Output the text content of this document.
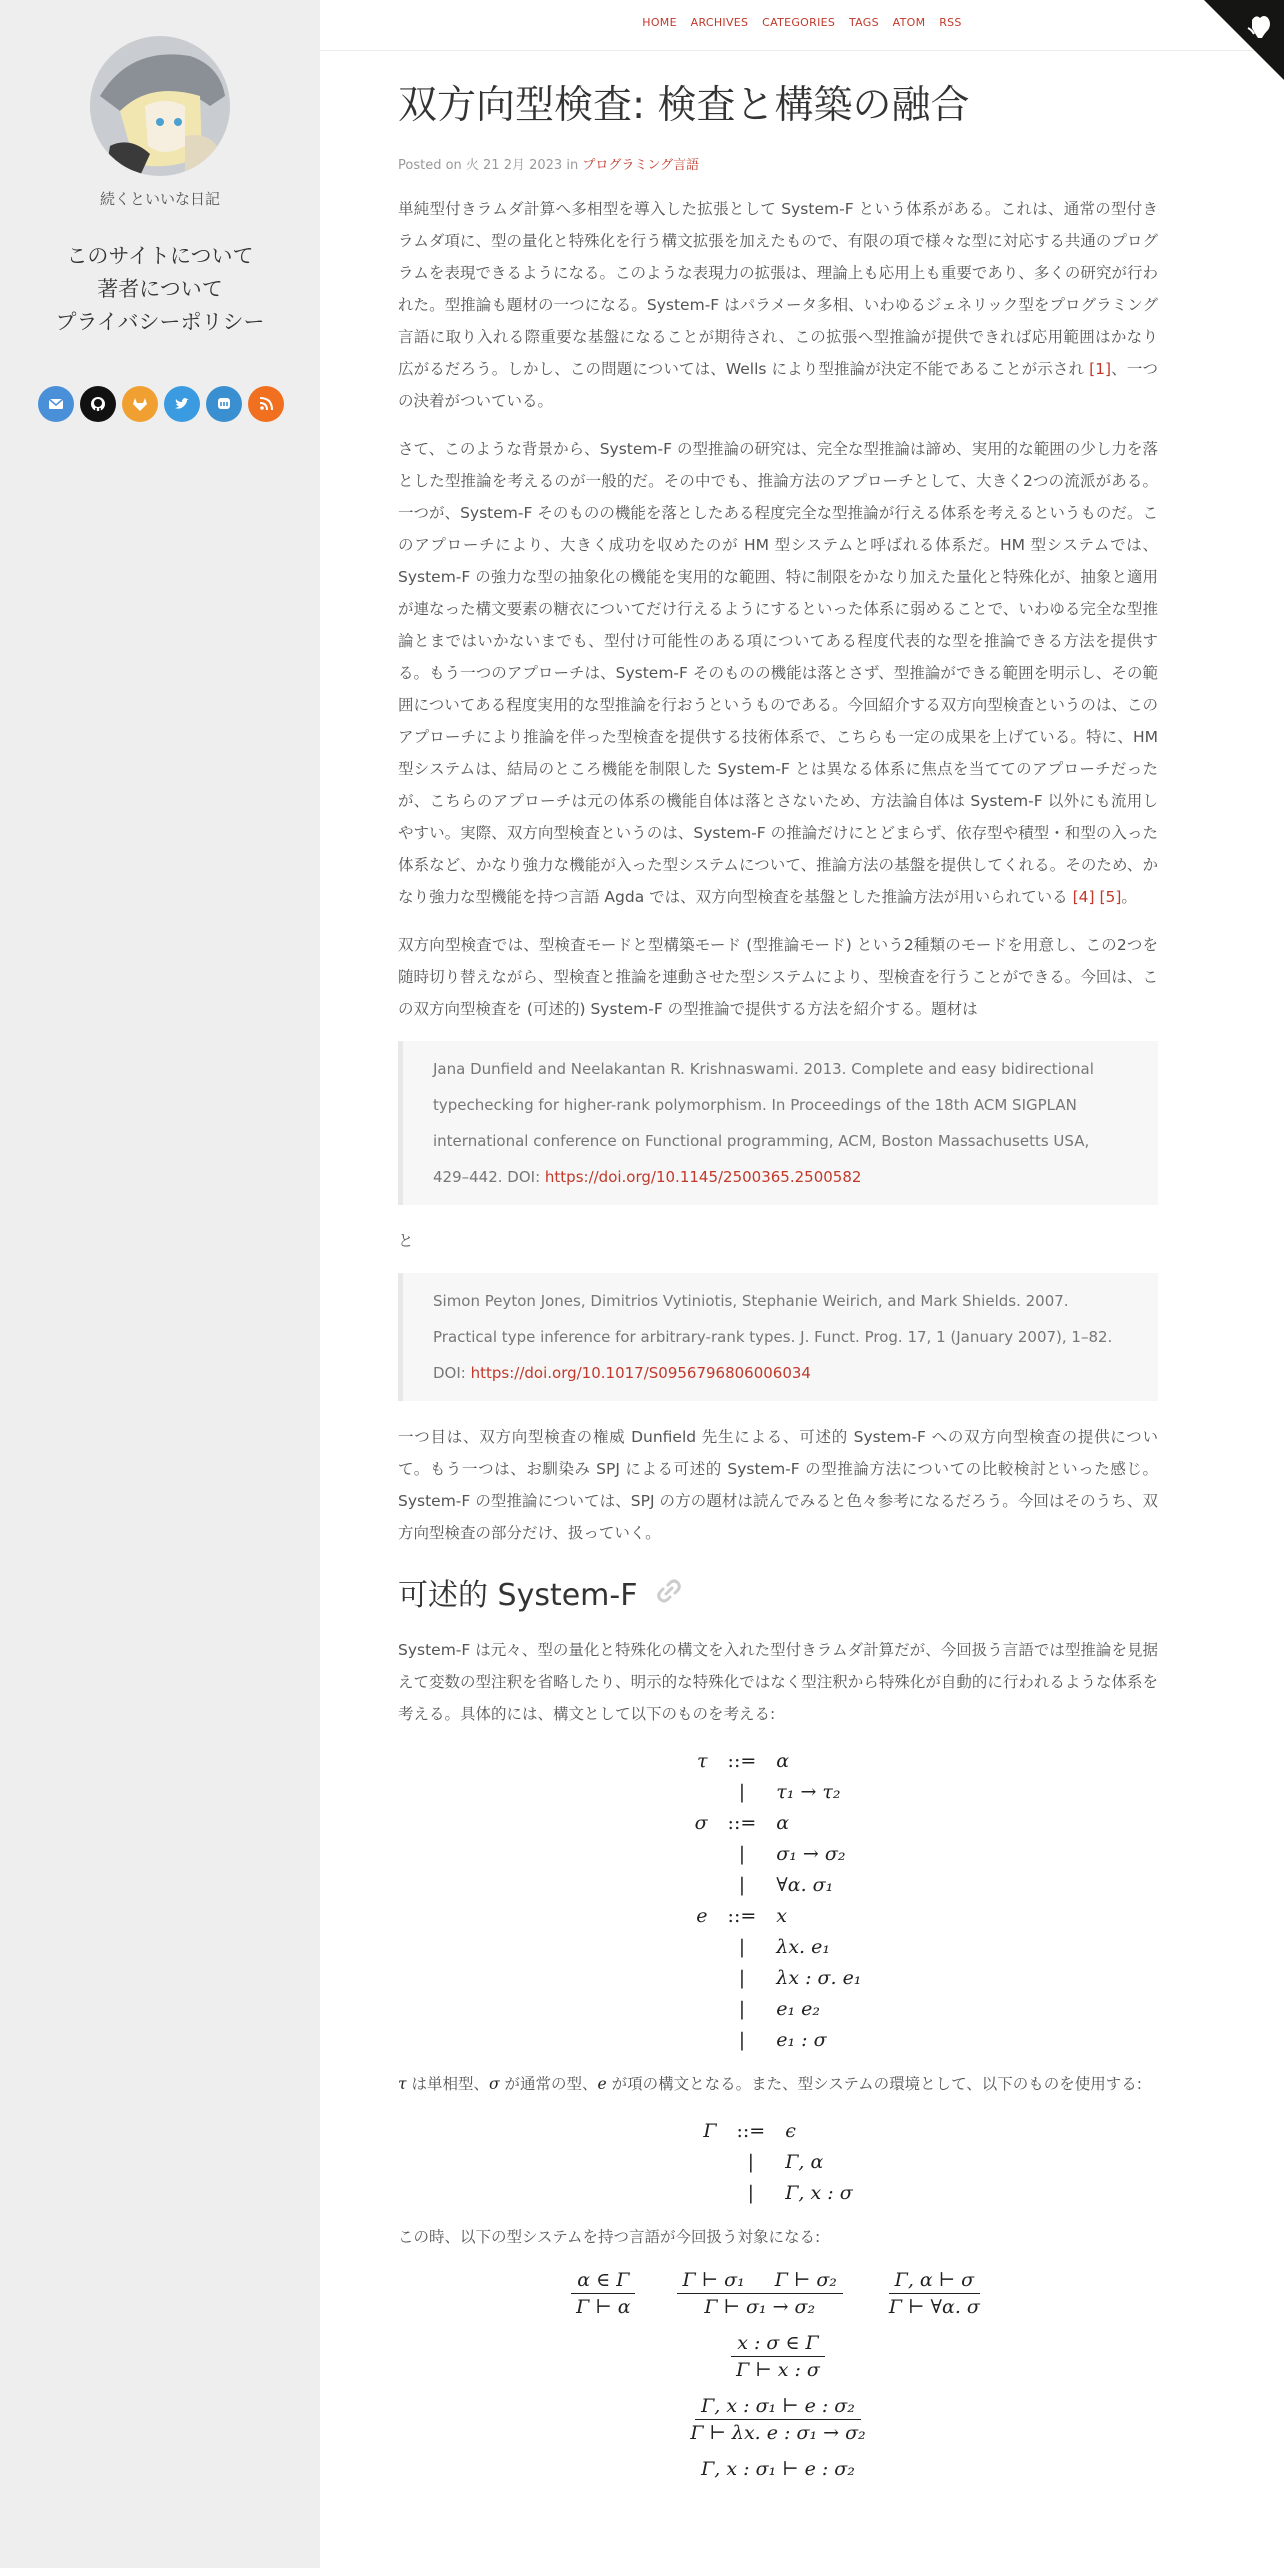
続くといいな日記
このサイトについて
著者について
プライバシーポリシー
HOME ARCHIVES CATEGORIES TAGS ATOM RSS
双方向型検査: 検査と構築の融合
Posted on 火 21 2月 2023 in プログラミング言語

単純型付きラムダ計算へ多相型を導入した拡張として System-F という体系がある。これは、通常の型付きラムダ項に、型の量化と特殊化を行う構文拡張を加えたもので、有限の項で様々な型に対応する共通のプログラムを表現できるようになる。このような表現力の拡張は、理論上も応用上も重要であり、多くの研究が行われた。型推論も題材の一つになる。System-F はパラメータ多相、いわゆるジェネリック型をプログラミング言語に取り入れる際重要な基盤になることが期待され、この拡張へ型推論が提供できれば応用範囲はかなり広がるだろう。しかし、この問題については、Wells により型推論が決定不能であることが示され [1]、一つの決着がついている。

さて、このような背景から、System-F の型推論の研究は、完全な型推論は諦め、実用的な範囲の少し力を落とした型推論を考えるのが一般的だ。その中でも、推論方法のアプローチとして、大きく2つの流派がある。一つが、System-F そのものの機能を落としたある程度完全な型推論が行える体系を考えるというものだ。このアプローチにより、大きく成功を収めたのが HM 型システムと呼ばれる体系だ。HM 型システムでは、System-F の強力な型の抽象化の機能を実用的な範囲、特に制限をかなり加えた量化と特殊化が、抽象と適用が連なった構文要素の糖衣についてだけ行えるようにするといった体系に弱めることで、いわゆる完全な型推論とまではいかないまでも、型付け可能性のある項についてある程度代表的な型を推論できる方法を提供する。もう一つのアプローチは、System-F そのものの機能は落とさず、型推論ができる範囲を明示し、その範囲についてある程度実用的な型推論を行おうというものである。今回紹介する双方向型検査というのは、このアプローチにより推論を伴った型検査を提供する技術体系で、こちらも一定の成果を上げている。特に、HM 型システムは、結局のところ機能を制限した System-F とは異なる体系に焦点を当ててのアプローチだったが、こちらのアプローチは元の体系の機能自体は落とさないため、方法論自体は System-F 以外にも流用しやすい。実際、双方向型検査というのは、System-F の推論だけにとどまらず、依存型や積型・和型の入った体系など、かなり強力な機能が入った型システムについて、推論方法の基盤を提供してくれる。そのため、かなり強力な型機能を持つ言語 Agda では、双方向型検査を基盤とした推論方法が用いられている [4] [5]。

双方向型検査では、型検査モードと型構築モード (型推論モード) という2種類のモードを用意し、この2つを随時切り替えながら、型検査と推論を連動させた型システムにより、型検査を行うことができる。今回は、この双方向型検査を (可述的) System-F の型推論で提供する方法を紹介する。題材は

Jana Dunfield and Neelakantan R. Krishnaswami. 2013. Complete and easy bidirectional typechecking for higher-rank polymorphism. In Proceedings of the 18th ACM SIGPLAN international conference on Functional programming, ACM, Boston Massachusetts USA, 429–442. DOI: https://doi.org/10.1145/2500365.2500582

と

Simon Peyton Jones, Dimitrios Vytiniotis, Stephanie Weirich, and Mark Shields. 2007. Practical type inference for arbitrary-rank types. J. Funct. Prog. 17, 1 (January 2007), 1–82. DOI: https://doi.org/10.1017/S0956796806006034

一つ目は、双方向型検査の権威 Dunfield 先生による、可述的 System-F への双方向型検査の提供について。もう一つは、お馴染み SPJ による可述的 System-F の型推論方法についての比較検討といった感じ。System-F の型推論については、SPJ の方の題材は読んでみると色々参考になるだろう。今回はそのうち、双方向型検査の部分だけ、扱っていく。

可述的 System-F

System-F は元々、型の量化と特殊化の構文を入れた型付きラムダ計算だが、今回扱う言語では型推論を見据えて変数の型注釈を省略したり、明示的な特殊化ではなく型注釈から特殊化が自動的に行われるような体系を考える。具体的には、構文として以下のものを考える:

τ	::=	α
	|	τ₁ → τ₂
σ	::=	α
	|	σ₁ → σ₂
	|	∀α. σ₁
e	::=	x
	|	λx. e₁
	|	λx : σ. e₁
	|	e₁ e₂
	|	e₁ : σ

τ は単相型、σ が通常の型、e が項の構文となる。また、型システムの環境として、以下のものを使用する:

Γ	::=	ϵ
	|	Γ, α
	|	Γ, x : σ

この時、以下の型システムを持つ言語が今回扱う対象になる:

$\frac{\alpha \in \Gamma}{\Gamma ⊢ \alpha} \frac{\text{Γ ⊢ σ₁ Γ ⊢ σ₂}}{\text{Γ ⊢ σ₁ → σ₂}} \frac{\Gamma, \alpha ⊢ \sigma}{\Gamma ⊢ \forall\alpha. \sigma}$
$\frac{x : \sigma \in \Gamma}{\Gamma ⊢ x : \sigma}$
$\frac{\text{Γ, x : σ₁ ⊢ e : σ₂}}{\text{Γ ⊢ λx. e : σ₁ → σ₂}}$
Γ, x : σ₁ ⊢ e : σ₂
